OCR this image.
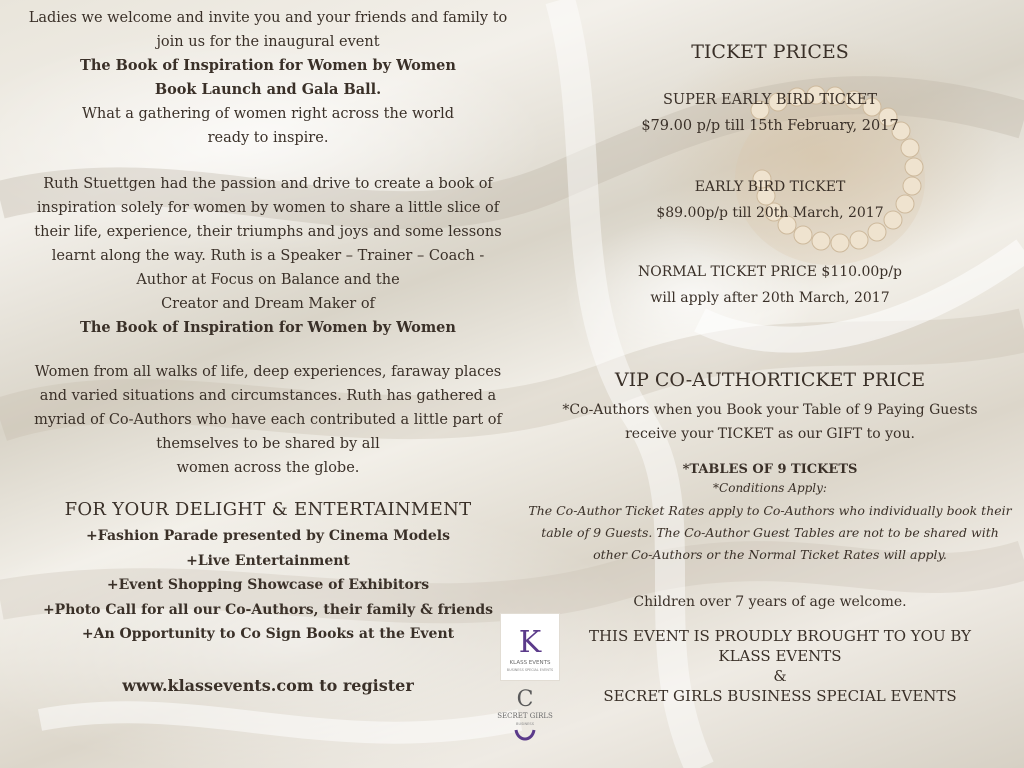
Ladies we welcome and invite you and your friends and family to

join us for the inaugural event

The Book of Inspiration for Women by Women

Book Launch and Gala Ball.

What a gathering of women right across the world

ready to inspire.

Ruth Stuettgen had the passion and drive to create a book of

inspiration solely for women by women to share a little slice of

their life, experience, their triumphs and joys and some lessons

learnt along the way. Ruth is a Speaker – Trainer – Coach -

Author at Focus on Balance and the

Creator and Dream Maker of

The Book of Inspiration for Women by Women

Women from all walks of life, deep experiences, faraway places

and varied situations and circumstances. Ruth has gathered a

myriad of Co-Authors who have each contributed a little part of

themselves to be shared by all

women across the globe.

FOR YOUR DELIGHT & ENTERTAINMENT

+Fashion Parade presented by Cinema Models

+Live Entertainment

+Event Shopping Showcase of Exhibitors

+Photo Call for all our Co-Authors, their family & friends

+An Opportunity to Co Sign Books at the Event

www.klassevents.com to register
TICKET PRICES

SUPER EARLY BIRD TICKET

$79.00 p/p till 15th February, 2017

EARLY BIRD TICKET

$89.00p/p till 20th March, 2017

NORMAL TICKET PRICE $110.00p/p

will apply after 20th March, 2017

VIP CO-AUTHORTICKET PRICE

*Co-Authors when you Book your Table of 9 Paying Guests

receive your TICKET as our GIFT to you.

*TABLES OF 9 TICKETS

*Conditions Apply:

The Co-Author Ticket Rates apply to Co-Authors who individually book their

table of 9 Guests. The Co-Author Guest Tables are not to be shared with

other Co-Authors or the Normal Ticket Rates will apply.

Children over 7 years of age welcome.

THIS EVENT IS PROUDLY BROUGHT TO YOU BY

KLASS EVENTS

&

SECRET GIRLS BUSINESS SPECIAL EVENTS

K
KLASS EVENTS
BUSINESS SPECIAL EVENTS
C
SECRET GIRLS
BUSINESS
